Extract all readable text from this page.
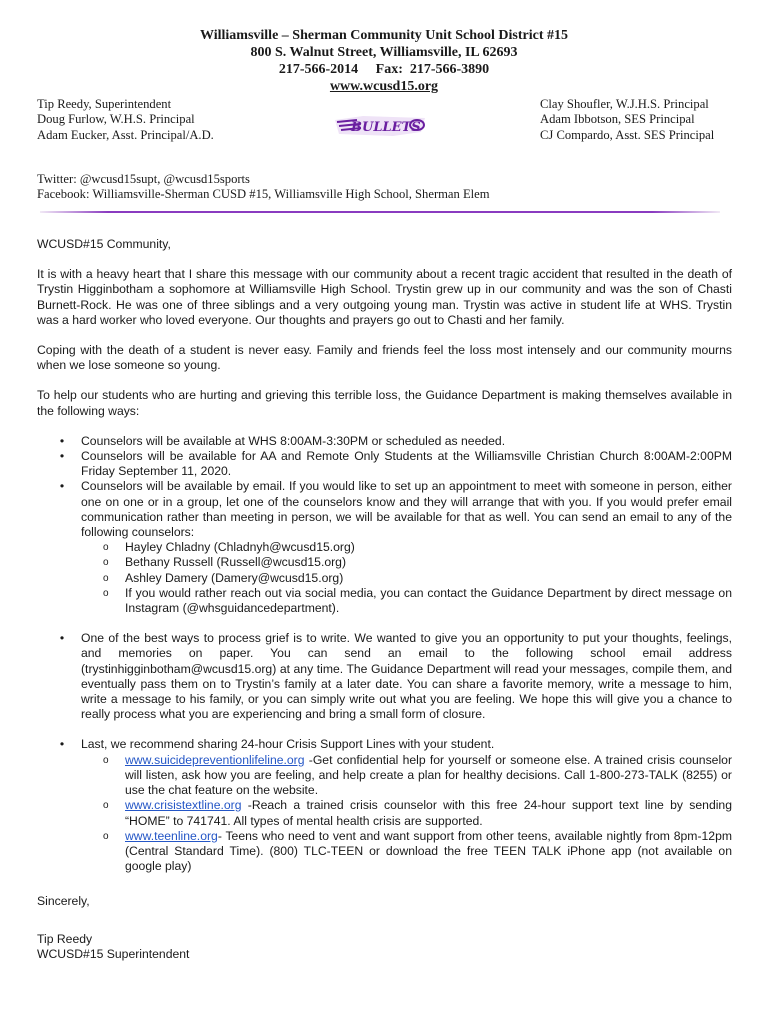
Williamsville – Sherman Community Unit School District #15
800 S. Walnut Street, Williamsville, IL 62693
217-566-2014     Fax:  217-566-3890
www.wcusd15.org
Tip Reedy, Superintendent
Doug Furlow, W.H.S. Principal
Adam Eucker, Asst. Principal/A.D.	BULLETS
Clay Shoufler, W.J.H.S. Principal
Adam Ibbotson, SES Principal
CJ Compardo, Asst. SES Principal
Twitter: @wcusd15supt, @wcusd15sports
Facebook: Williamsville-Sherman CUSD #15, Williamsville High School, Sherman Elem

WCUSD#15 Community,

It is with a heavy heart that I share this message with our community about a recent tragic accident that resulted in the death of Trystin Higginbotham a sophomore at Williamsville High School. Trystin grew up in our community and was the son of Chasti Burnett-Rock. He was one of three siblings and a very outgoing young man. Trystin was active in student life at WHS. Trystin was a hard worker who loved everyone. Our thoughts and prayers go out to Chasti and her family.

Coping with the death of a student is never easy. Family and friends feel the loss most intensely and our community mourns when we lose someone so young.

To help our students who are hurting and grieving this terrible loss, the Guidance Department is making themselves available in the following ways:

• Counselors will be available at WHS 8:00AM-3:30PM or scheduled as needed.
• Counselors will be available for AA and Remote Only Students at the Williamsville Christian Church 8:00AM-2:00PM Friday September 11, 2020.
• Counselors will be available by email. If you would like to set up an appointment to meet with someone in person, either one on one or in a group, let one of the counselors know and they will arrange that with you. If you would prefer email communication rather than meeting in person, we will be available for that as well. You can send an email to any of the following counselors:
o Hayley Chladny (Chladnyh@wcusd15.org)
o Bethany Russell (Russell@wcusd15.org)
o Ashley Damery (Damery@wcusd15.org)
o If you would rather reach out via social media, you can contact the Guidance Department by direct message on Instagram (@whsguidancedepartment).
• One of the best ways to process grief is to write. We wanted to give you an opportunity to put your thoughts, feelings, and memories on paper. You can send an email to the following school email address (trystinhigginbotham@wcusd15.org) at any time. The Guidance Department will read your messages, compile them, and eventually pass them on to Trystin’s family at a later date. You can share a favorite memory, write a message to him, write a message to his family, or you can simply write out what you are feeling. We hope this will give you a chance to really process what you are experiencing and bring a small form of closure.
• Last, we recommend sharing 24-hour Crisis Support Lines with your student.
o www.suicidepreventionlifeline.org -Get confidential help for yourself or someone else. A trained crisis counselor will listen, ask how you are feeling, and help create a plan for healthy decisions. Call 1-800-273-TALK (8255) or use the chat feature on the website.
o www.crisistextline.org -Reach a trained crisis counselor with this free 24-hour support text line by sending “HOME” to 741741. All types of mental health crisis are supported.
o www.teenline.org- Teens who need to vent and want support from other teens, available nightly from 8pm-12pm (Central Standard Time). (800) TLC-TEEN or download the free TEEN TALK iPhone app (not available on google play)
Sincerely,
Tip Reedy
WCUSD#15 Superintendent
